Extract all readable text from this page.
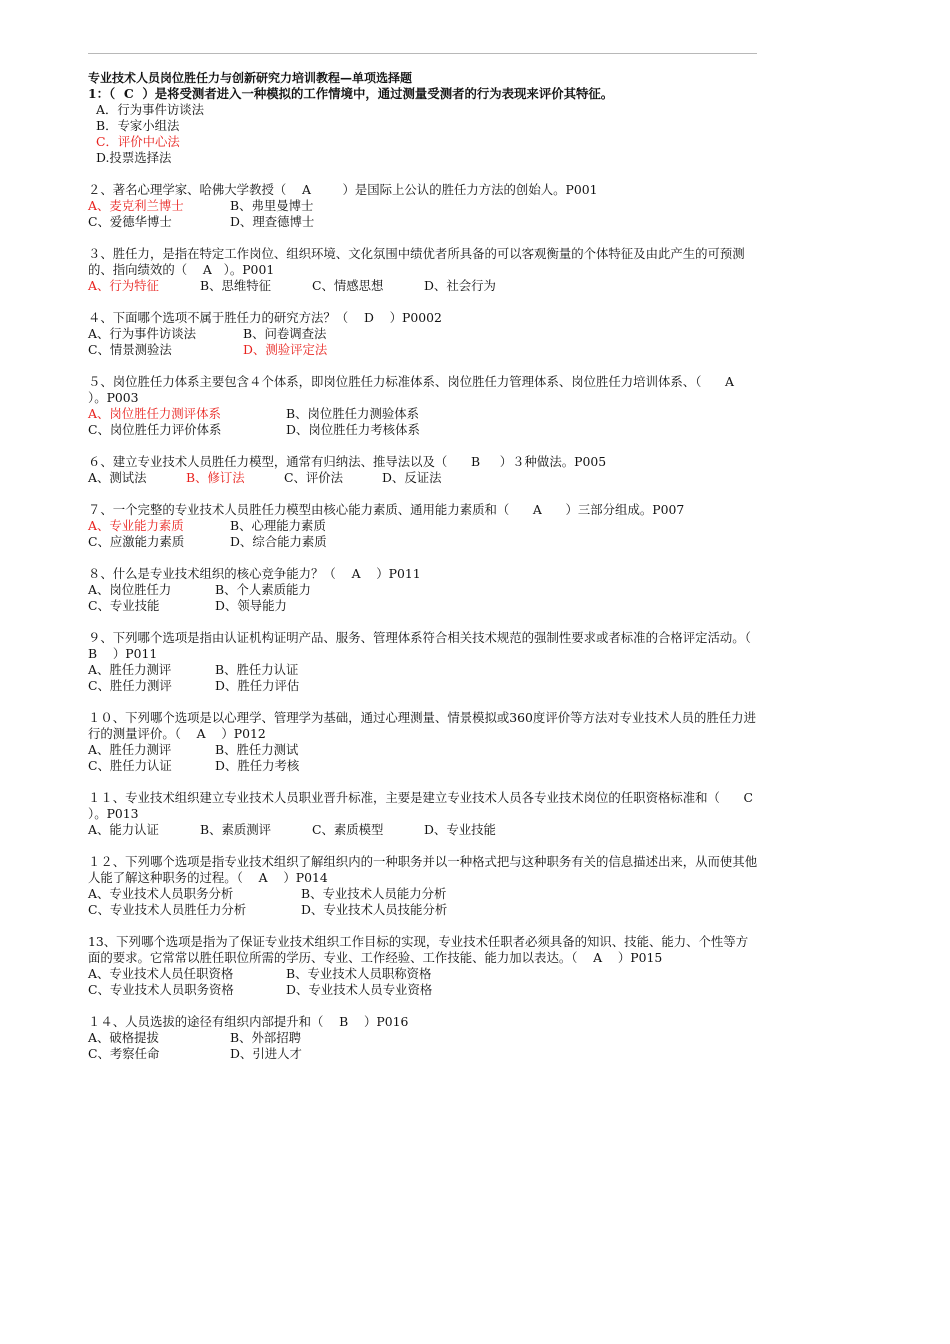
专业技术人员岗位胜任力与创新研究力培训教程—单项选择题
1：（  C  ）是将受测者进入一种模拟的工作情境中，通过测量受测者的行为表现来评价其特征。
A．行为事件访谈法
B．专家小组法
C．评价中心法
D.投票选择法
２、著名心理学家、哈佛大学教授（    A        ）是国际上公认的胜任力方法的创始人。P001
A、麦克利兰博士	B、弗里曼博士
C、爱德华博士	D、理查德博士
３、胜任力，是指在特定工作岗位、组织环境、文化氛围中绩优者所具备的可以客观衡量的个体特征及由此产生的可预测的、指向绩效的（    A   ）。P001
A、行为特征	B、思维特征	C、情感思想	D、社会行为
４、下面哪个选项不属于胜任力的研究方法？（    D    ）P0002
A、行为事件访谈法	B、问卷调查法
C、情景测验法	D、测验评定法
５、岗位胜任力体系主要包含４个体系，即岗位胜任力标准体系、岗位胜任力管理体系、岗位胜任力培训体系、（      A    ）。P003
A、岗位胜任力测评体系	B、岗位胜任力测验体系
C、岗位胜任力评价体系	D、岗位胜任力考核体系
６、建立专业技术人员胜任力模型，通常有归纳法、推导法以及（      B     ）３种做法。P005
A、测试法	B、修订法	C、评价法	D、反证法
７、一个完整的专业技术人员胜任力模型由核心能力素质、通用能力素质和（      A      ）三部分组成。P007
A、专业能力素质	B、心理能力素质
C、应激能力素质	D、综合能力素质
８、什么是专业技术组织的核心竞争能力？（    A    ）P011
A、岗位胜任力	B、个人素质能力
C、专业技能	D、领导能力
９、下列哪个选项是指由认证机构证明产品、服务、管理体系符合相关技术规范的强制性要求或者标准的合格评定活动。（    B    ）P011
A、胜任力测评	B、胜任力认证
C、胜任力测评	D、胜任力评估
１０、下列哪个选项是以心理学、管理学为基础，通过心理测量、情景模拟或360度评价等方法对专业技术人员的胜任力进行的测量评价。（    A    ）P012
A、胜任力测评	B、胜任力测试
C、胜任力认证	D、胜任力考核
１１、专业技术组织建立专业技术人员职业晋升标准，主要是建立专业技术人员各专业技术岗位的任职资格标准和（      C     ）。P013
A、能力认证	B、素质测评	C、素质模型	D、专业技能
１２、下列哪个选项是指专业技术组织了解组织内的一种职务并以一种格式把与这种职务有关的信息描述出来，从而使其他人能了解这种职务的过程。（    A    ）P014
A、专业技术人员职务分析	B、专业技术人员能力分析
C、专业技术人员胜任力分析	D、专业技术人员技能分析
13、下列哪个选项是指为了保证专业技术组织工作目标的实现，专业技术任职者必须具备的知识、技能、能力、个性等方面的要求。它常常以胜任职位所需的学历、专业、工作经验、工作技能、能力加以表达。（    A    ）P015
A、专业技术人员任职资格	B、专业技术人员职称资格
C、专业技术人员职务资格	D、专业技术人员专业资格
１４、人员选拔的途径有组织内部提升和（    B    ）P016
A、破格提拔	B、外部招聘
C、考察任命	D、引进人才
